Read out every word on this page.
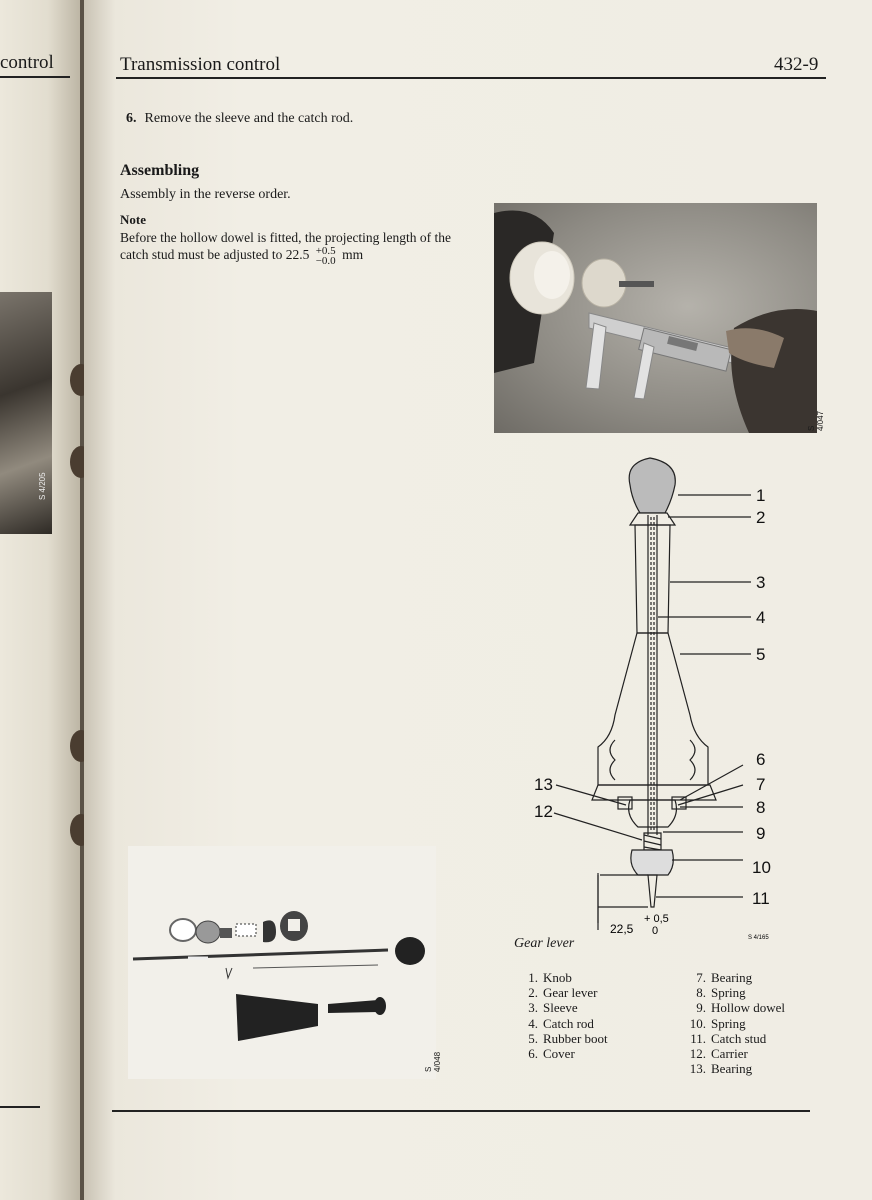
control
S 4/205
Transmission control	432-9
6. Remove the sleeve and the catch rod.
Assembling
Assembly in the reverse order.
Note
Before the hollow dowel is fitted, the projecting length of the catch stud must be adjusted to 22.5 +0.5
−0.0 mm
S 4/047
S 4/048
1
2
3
4
5
6
7
8
9
10
11
12
13
22,5
+ 0,5
0
S 4/165
Gear lever
1. Knob
2. Gear lever
3. Sleeve
4. Catch rod
5. Rubber boot
6. Cover
7. Bearing
8. Spring
9. Hollow dowel
10. Spring
11. Catch stud
12. Carrier
13. Bearing
